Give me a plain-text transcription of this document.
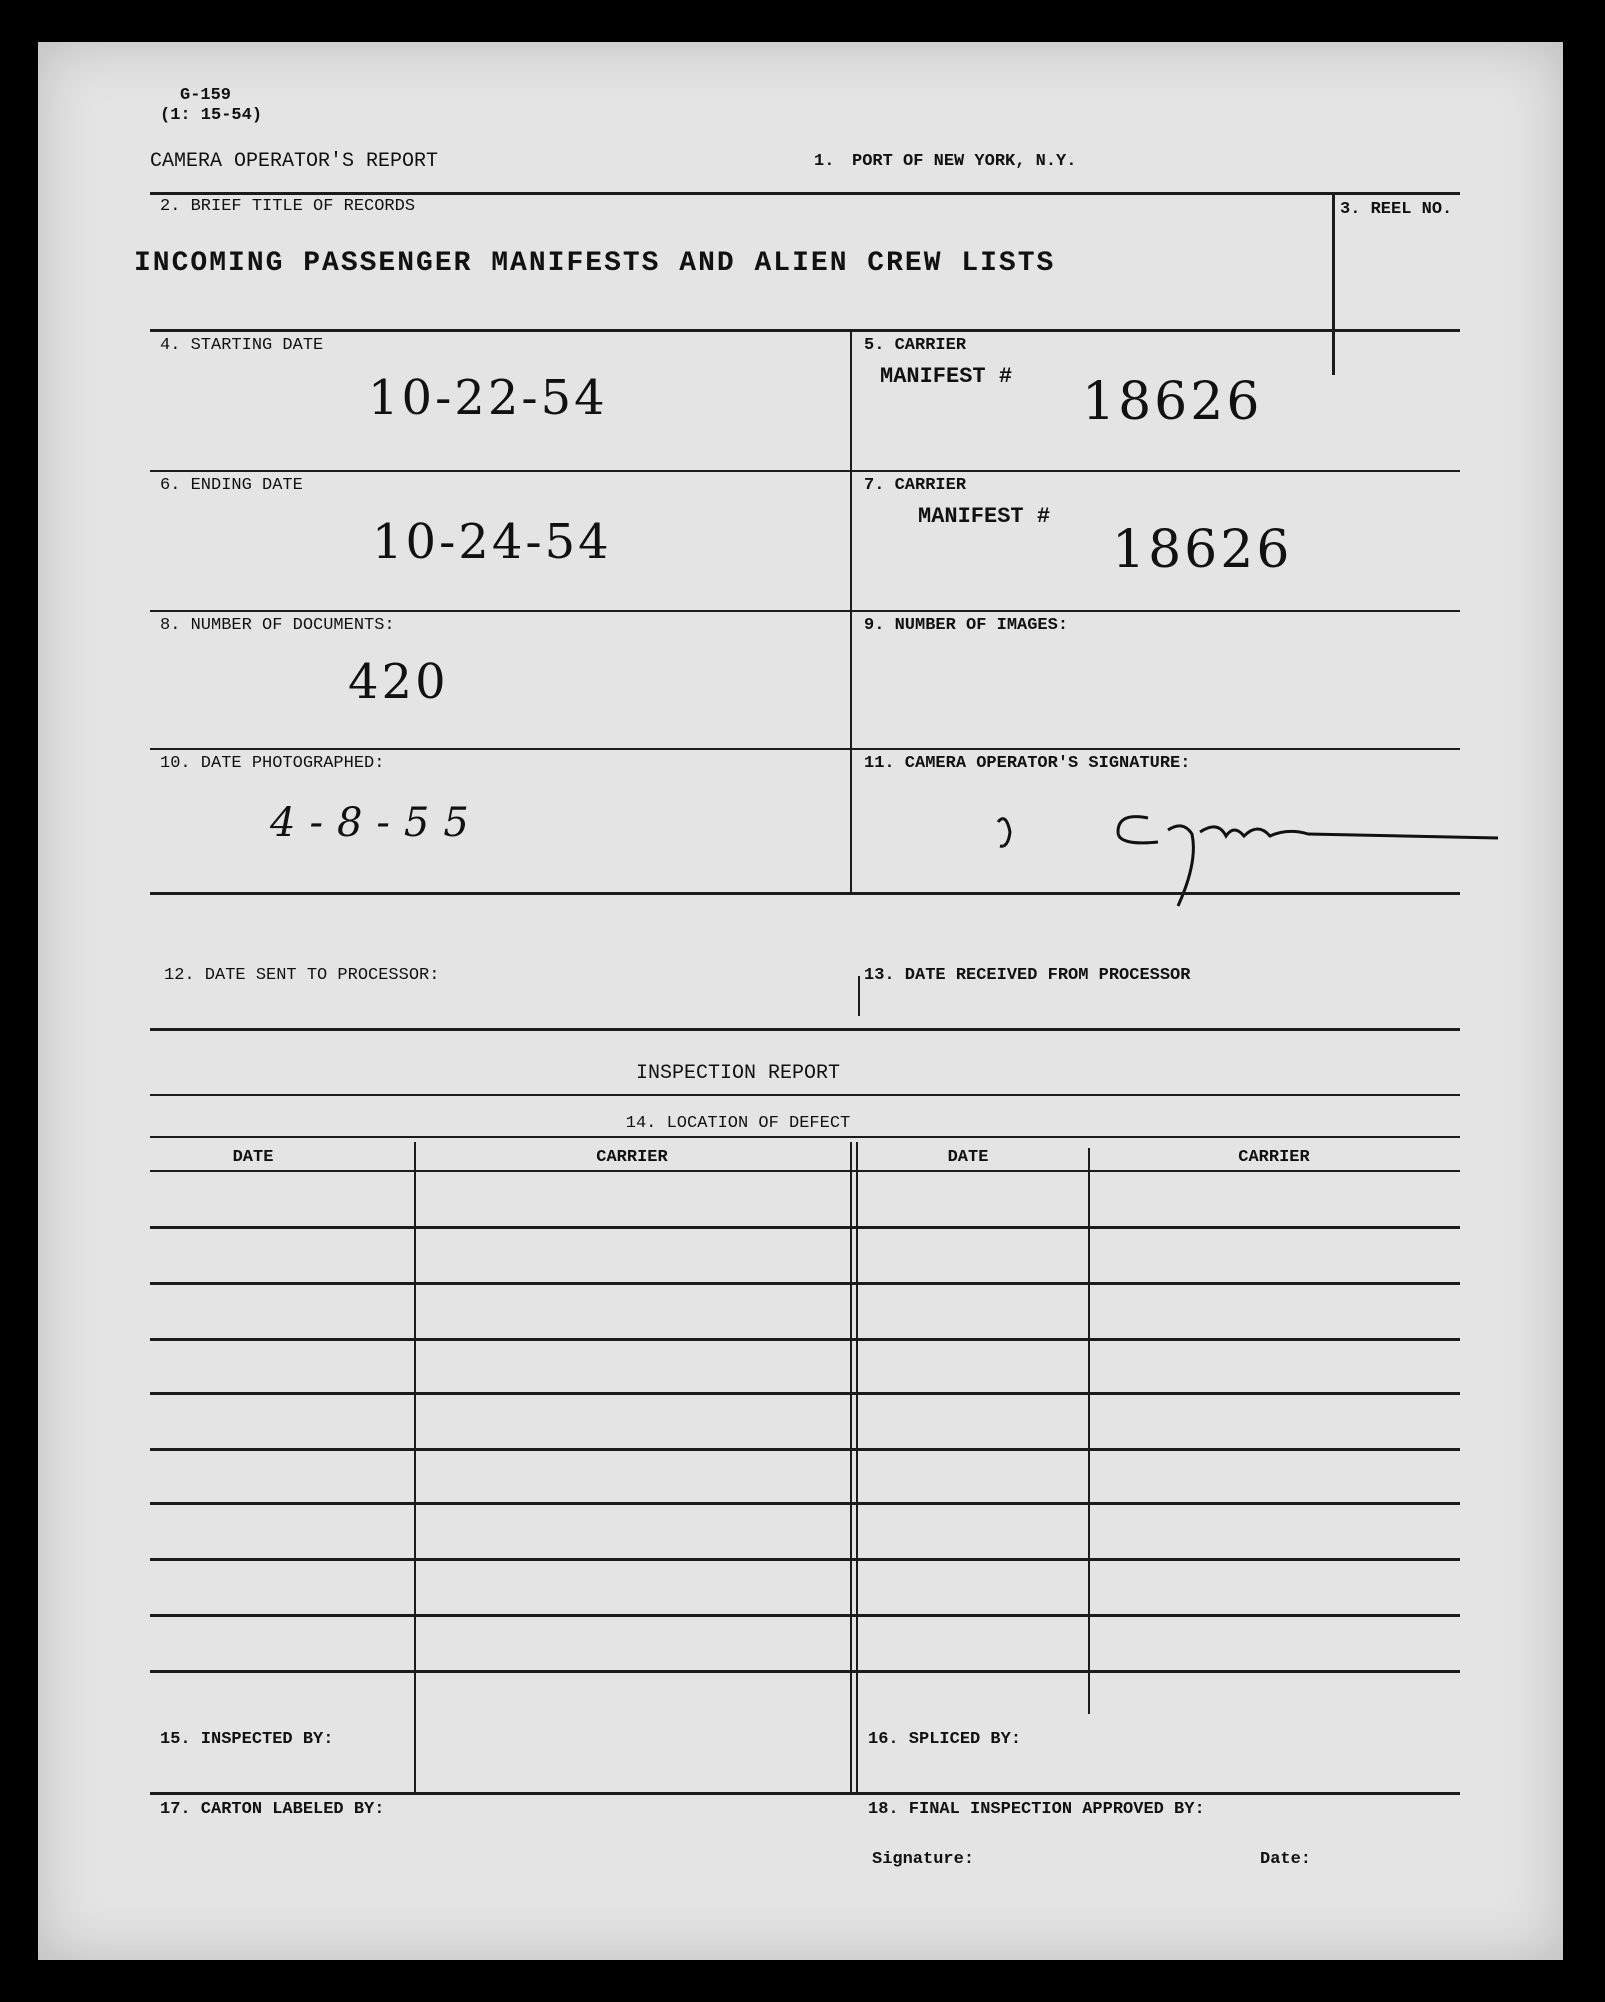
G-159
(1: 15-54)
CAMERA OPERATOR'S REPORT	1. PORT OF NEW YORK, N.Y.
2. BRIEF TITLE OF RECORDS
INCOMING PASSENGER MANIFESTS AND ALIEN CREW LISTS
3. REEL NO.
4. STARTING DATE
10-22-54
5. CARRIER
MANIFEST # 18626
6. ENDING DATE
10-24-54
7. CARRIER
MANIFEST #
18626
8. NUMBER OF DOCUMENTS:
420
9. NUMBER OF IMAGES:
10. DATE PHOTOGRAPHED:
4-8-55
11. CAMERA OPERATOR'S SIGNATURE:
12. DATE SENT TO PROCESSOR:	13. DATE RECEIVED FROM PROCESSOR
INSPECTION REPORT
14. LOCATION OF DEFECT
DATE	CARRIER	DATE	CARRIER
15. INSPECTED BY:	16. SPLICED BY:
17. CARTON LABELED BY:	18. FINAL INSPECTION APPROVED BY:
Signature:	Date:
